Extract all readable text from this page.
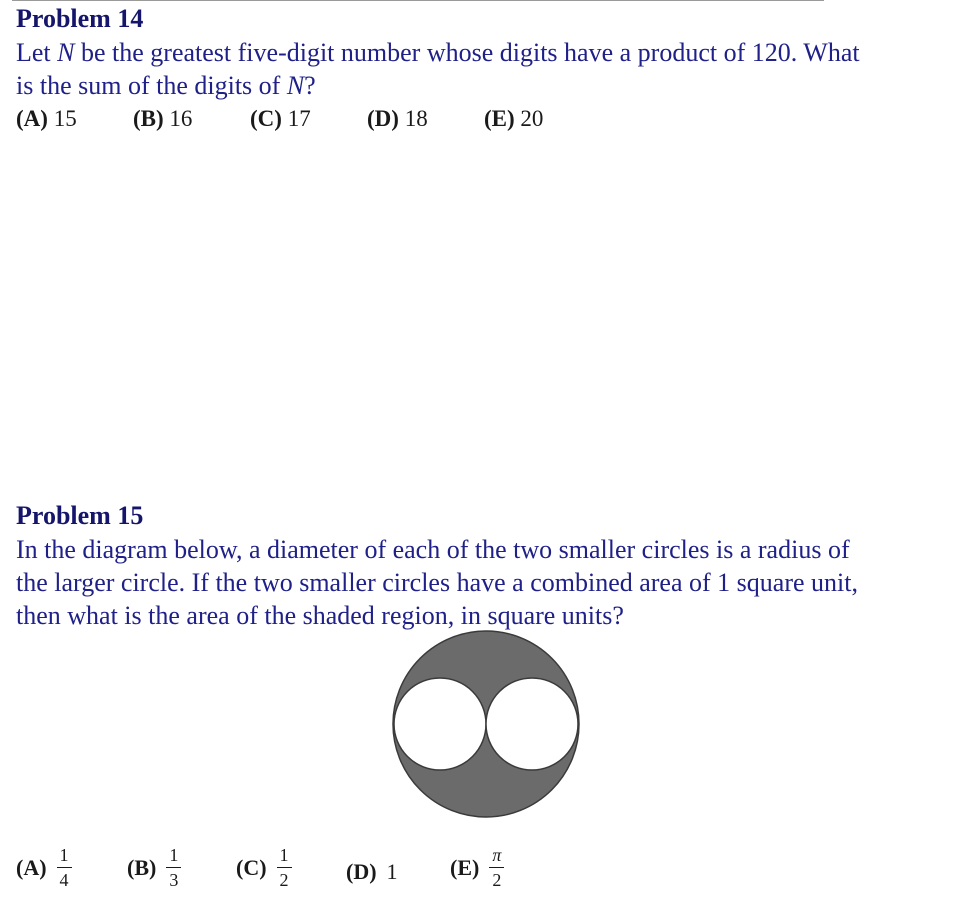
Problem 14
Let N be the greatest five-digit number whose digits have a product of 120. What
is the sum of the digits of N?
(A) 15 (B) 16	(C) 17 (D) 18 (E) 20
Problem 15
In the diagram below, a diameter of each of the two smaller circles is a radius of
the larger circle. If the two smaller circles have a combined area of 1 square unit,
then what is the area of the shaded region, in square units?
$(A) \frac{1}{4}$	$(B) \frac{1}{3} (C) \frac{1}{2} (D)$ 1 $(E) \frac{\pi}{2}$
